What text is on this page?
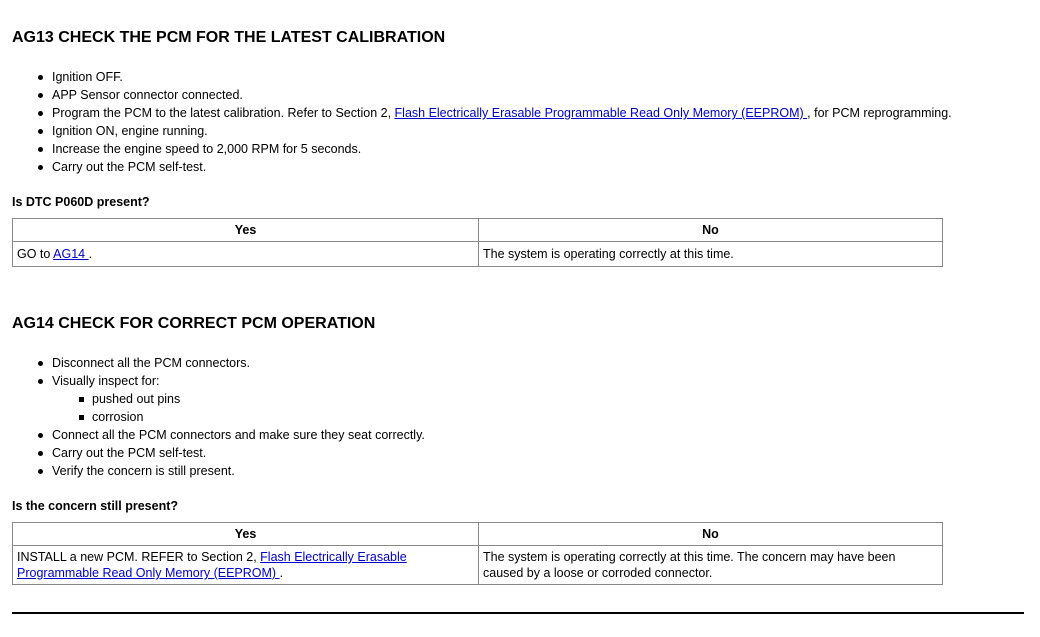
AG13 CHECK THE PCM FOR THE LATEST CALIBRATION
Ignition OFF.
APP Sensor connector connected.
Program the PCM to the latest calibration. Refer to Section 2, Flash Electrically Erasable Programmable Read Only Memory (EEPROM) , for PCM reprogramming.
Ignition ON, engine running.
Increase the engine speed to 2,000 RPM for 5 seconds.
Carry out the PCM self-test.

Is DTC P060D present?

Yes	No
GO to AG14 .	The system is operating correctly at this time.
AG14 CHECK FOR CORRECT PCM OPERATION
Disconnect all the PCM connectors.
Visually inspect for:
pushed out pins
corrosion
Connect all the PCM connectors and make sure they seat correctly.
Carry out the PCM self-test.
Verify the concern is still present.

Is the concern still present?

Yes	No
INSTALL a new PCM. REFER to Section 2, Flash Electrically Erasable Programmable Read Only Memory (EEPROM) .	The system is operating correctly at this time. The concern may have been caused by a loose or corroded connector.
